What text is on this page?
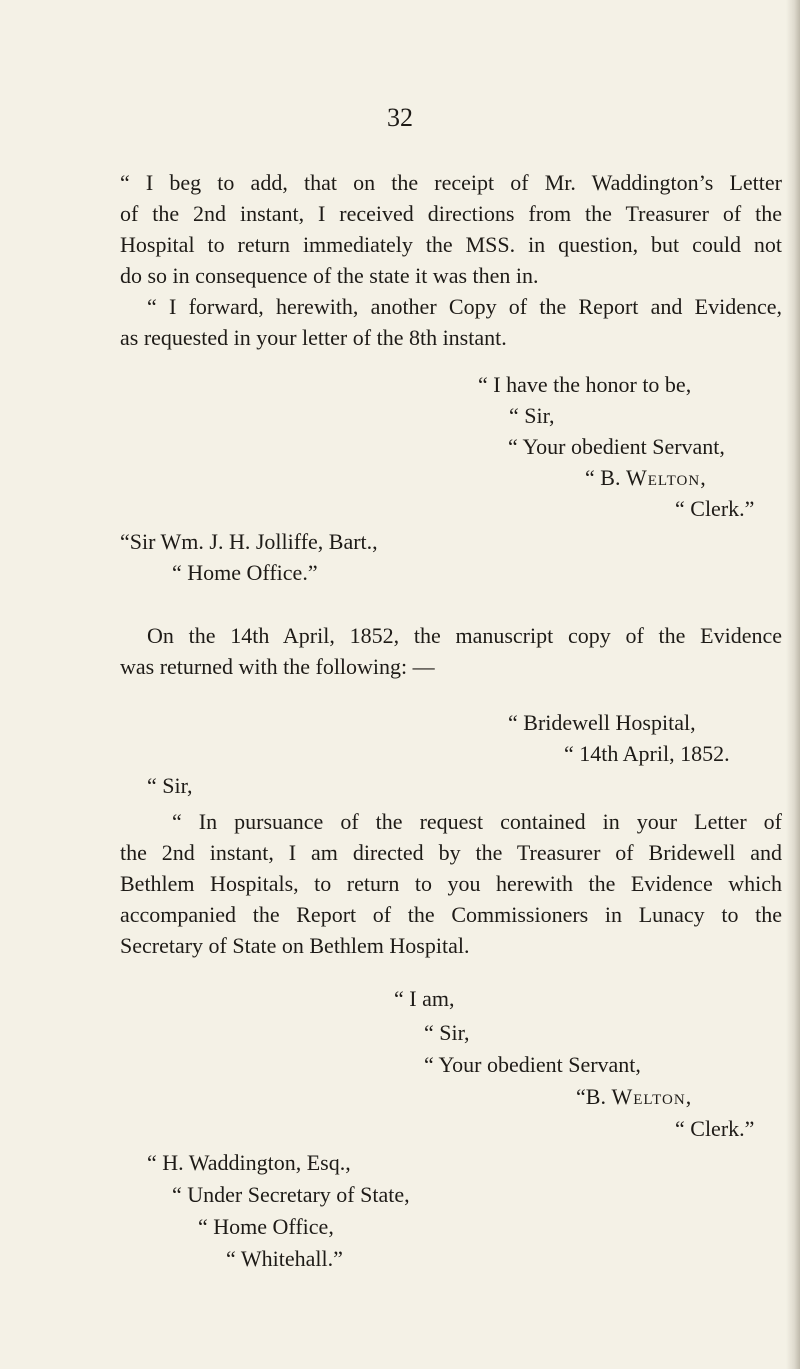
32
“ I beg to add, that on the receipt of Mr. Waddington’s Letter
of the 2nd instant, I received directions from the Treasurer of the
Hospital to return immediately the MSS. in question, but could not
do so in consequence of the state it was then in.
“ I forward, herewith, another Copy of the Report and Evidence,
as requested in your letter of the 8th instant.
“ I have the honor to be,
“ Sir,
“ Your obedient Servant,
“ B. Welton,
“ Clerk.”
“Sir Wm. J. H. Jolliffe, Bart.,
“ Home Office.”
On the 14th April, 1852, the manuscript copy of the Evidence
was returned with the following: —
“ Bridewell Hospital,
“ 14th April, 1852.
“ Sir,
“ In pursuance of the request contained in your Letter of
the 2nd instant, I am directed by the Treasurer of Bridewell and
Bethlem Hospitals, to return to you herewith the Evidence which
accompanied the Report of the Commissioners in Lunacy to the
Secretary of State on Bethlem Hospital.
“ I am,
“ Sir,
“ Your obedient Servant,
“B. Welton,
“ Clerk.”
“ H. Waddington, Esq.,
“ Under Secretary of State,
“ Home Office,
“ Whitehall.”
